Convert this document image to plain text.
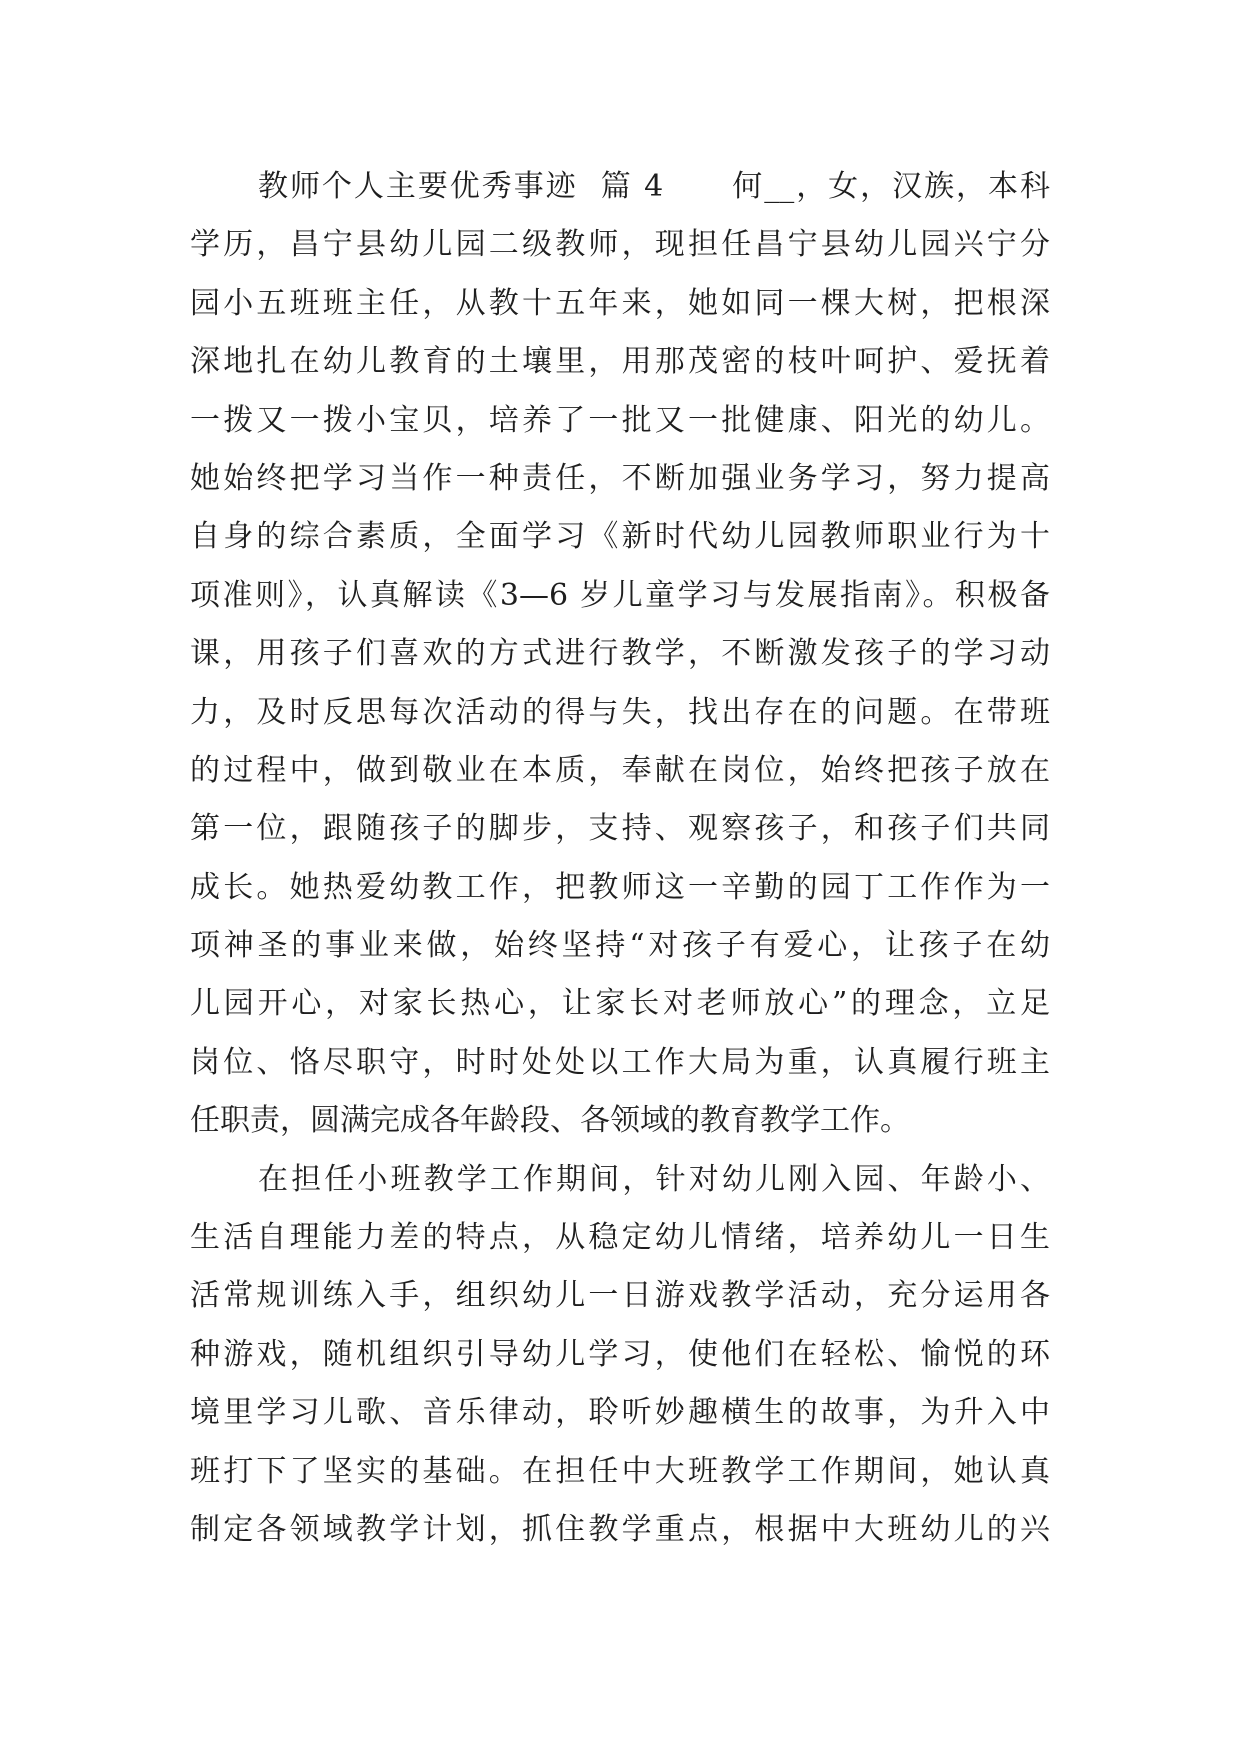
教师个人主要优秀事迹  篇 4      何__，女，汉族，本科
学历，昌宁县幼儿园二级教师，现担任昌宁县幼儿园兴宁分
园小五班班主任，从教十五年来，她如同一棵大树，把根深
深地扎在幼儿教育的土壤里，用那茂密的枝叶呵护、爱抚着
一拨又一拨小宝贝，培养了一批又一批健康、阳光的幼儿。
她始终把学习当作一种责任，不断加强业务学习，努力提高
自身的综合素质，全面学习《新时代幼儿园教师职业行为十
项准则》，认真解读《3—6 岁儿童学习与发展指南》。积极备
课，用孩子们喜欢的方式进行教学，不断激发孩子的学习动
力，及时反思每次活动的得与失，找出存在的问题。在带班
的过程中，做到敬业在本质，奉献在岗位，始终把孩子放在
第一位，跟随孩子的脚步，支持、观察孩子，和孩子们共同
成长。她热爱幼教工作，把教师这一辛勤的园丁工作作为一
项神圣的事业来做，始终坚持“对孩子有爱心，让孩子在幼
儿园开心，对家长热心，让家长对老师放心”的理念，立足
岗位、恪尽职守，时时处处以工作大局为重，认真履行班主
任职责，圆满完成各年龄段、各领域的教育教学工作。
在担任小班教学工作期间，针对幼儿刚入园、年龄小、
生活自理能力差的特点，从稳定幼儿情绪，培养幼儿一日生
活常规训练入手，组织幼儿一日游戏教学活动，充分运用各
种游戏，随机组织引导幼儿学习，使他们在轻松、愉悦的环
境里学习儿歌、音乐律动，聆听妙趣横生的故事，为升入中
班打下了坚实的基础。在担任中大班教学工作期间，她认真
制定各领域教学计划，抓住教学重点，根据中大班幼儿的兴
